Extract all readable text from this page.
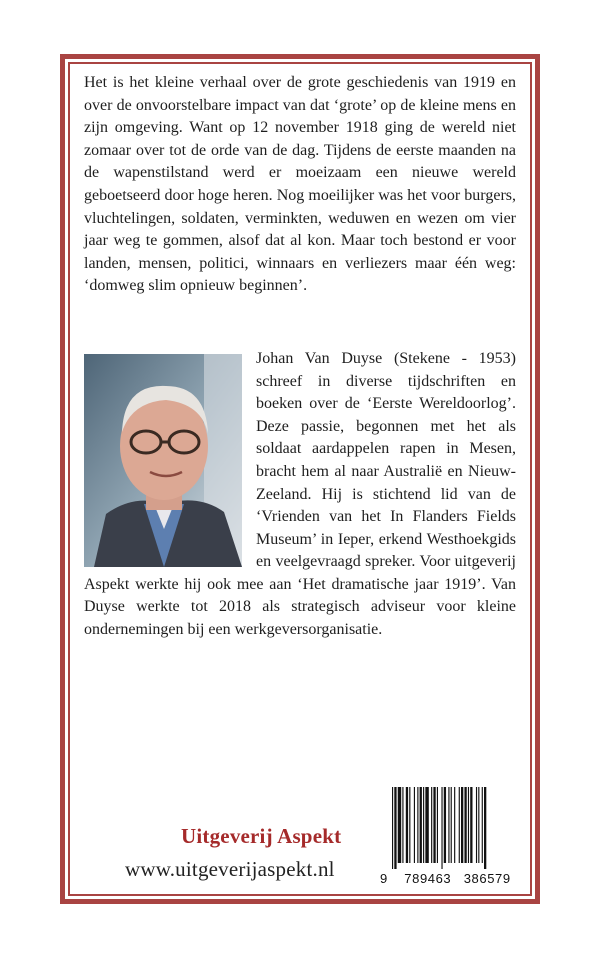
Het is het kleine verhaal over de grote geschiedenis van 1919 en over de onvoorstelbare impact van dat ‘grote’ op de kleine mens en zijn omgeving. Want op 12 november 1918 ging de wereld niet zomaar over tot de orde van de dag. Tijdens de eerste maanden na de wapenstilstand werd er moeizaam een nieuwe wereld geboetseerd door hoge heren. Nog moeilijker was het voor burgers, vluchtelingen, soldaten, verminkten, weduwen en wezen om vier jaar weg te gommen, alsof dat al kon. Maar toch bestond er voor landen, mensen, politici, winnaars en verliezers maar één weg: ‘domweg slim opnieuw beginnen’.

Johan Van Duyse (Stekene - 1953) schreef in diverse tijdschriften en boeken over de ‘Eerste Wereldoorlog’. Deze passie, begonnen met het als soldaat aardappelen rapen in Mesen, bracht hem al naar Australië en Nieuw-Zeeland. Hij is stichtend lid van de ‘Vrienden van het In Flanders Fields Museum’ in Ieper, erkend Westhoekgids en veelgevraagd spreker. Voor uitgeverij Aspekt werkte hij ook mee aan ‘Het dramatische jaar 1919’. Van Duyse werkte tot 2018 als strategisch adviseur voor kleine ondernemingen bij een werkgeversorganisatie.

Uitgeverij Aspekt
www.uitgeverijaspekt.nl	9 789463 386579
